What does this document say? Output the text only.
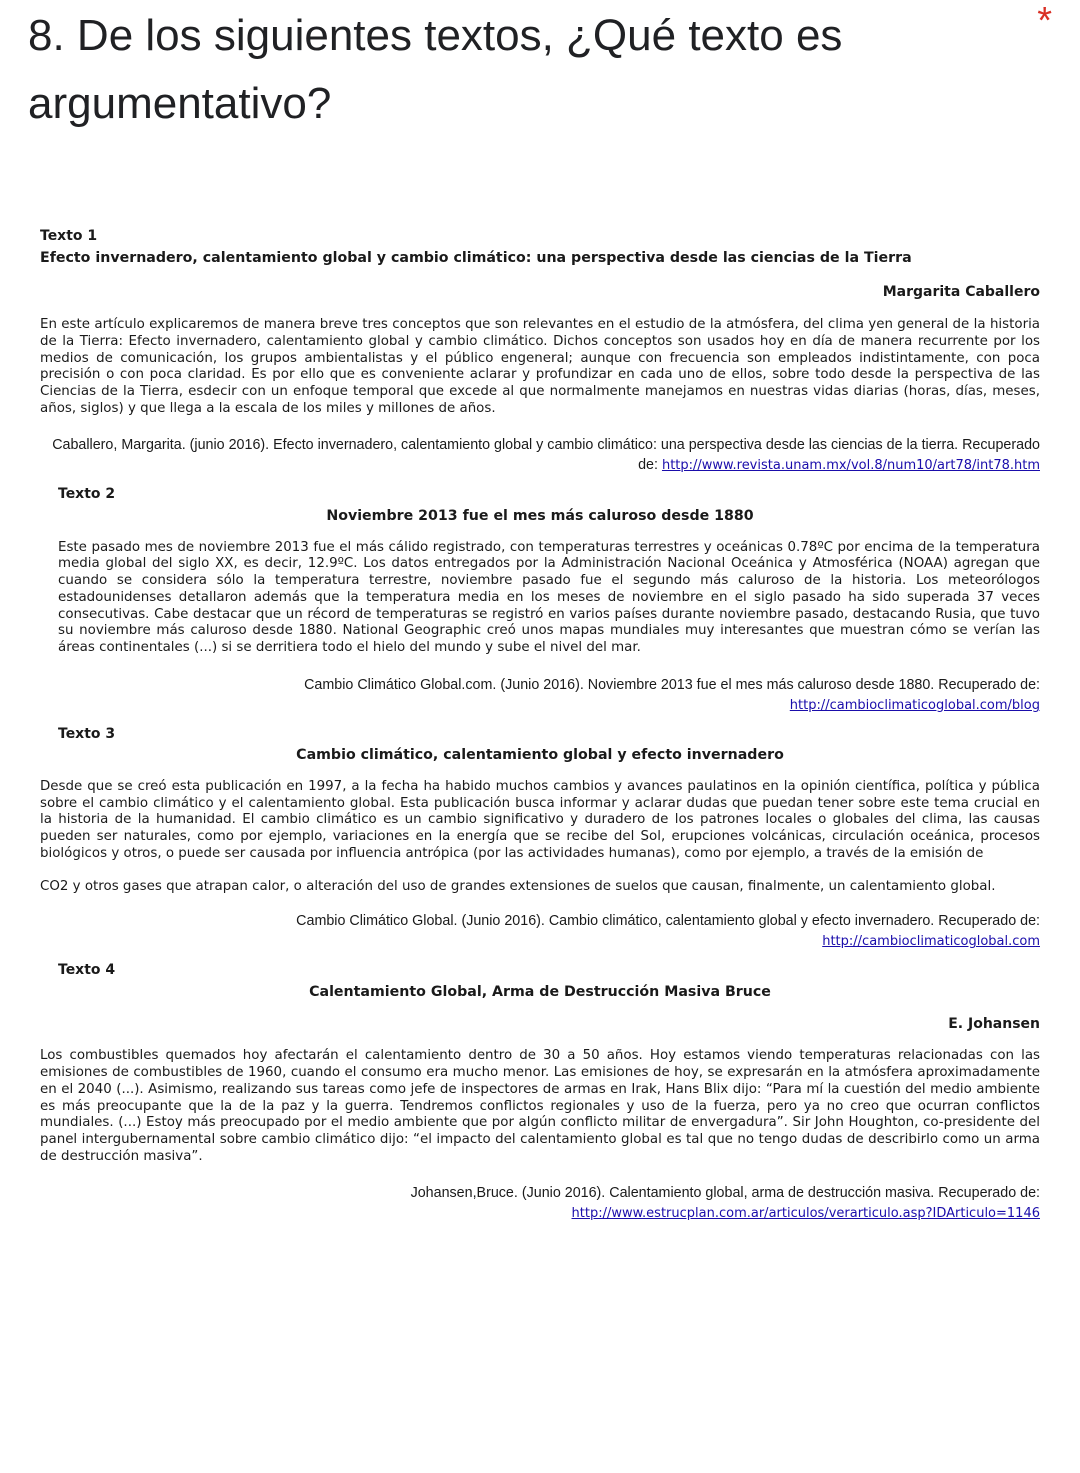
8. De los siguientes textos, ¿Qué texto es argumentativo?
*
Texto 1
Efecto invernadero, calentamiento global y cambio climático: una perspectiva desde las ciencias de la Tierra
Margarita Caballero

En este artículo explicaremos de manera breve tres conceptos que son relevantes en el estudio de la atmósfera, del clima yen general de la historia de la Tierra: Efecto invernadero, calentamiento global y cambio climático. Dichos conceptos son usados hoy en día de manera recurrente por los medios de comunicación, los grupos ambientalistas y el público engeneral; aunque con frecuencia son empleados indistintamente, con poca precisión o con poca claridad. Es por ello que es conveniente aclarar y profundizar en cada uno de ellos, sobre todo desde la perspectiva de las Ciencias de la Tierra, esdecir con un enfoque temporal que excede al que normalmente manejamos en nuestras vidas diarias (horas, días, meses, años, siglos) y que llega a la escala de los miles y millones de años.

Caballero, Margarita. (junio 2016). Efecto invernadero, calentamiento global y cambio climático: una perspectiva desde las ciencias de la tierra. Recuperado de: http://www.revista.unam.mx/vol.8/num10/art78/int78.htm
Texto 2
Noviembre 2013 fue el mes más caluroso desde 1880

Este pasado mes de noviembre 2013 fue el más cálido registrado, con temperaturas terrestres y oceánicas 0.78ºC por encima de la temperatura media global del siglo XX, es decir, 12.9ºC. Los datos entregados por la Administración Nacional Oceánica y Atmosférica (NOAA) agregan que cuando se considera sólo la temperatura terrestre, noviembre pasado fue el segundo más caluroso de la historia. Los meteorólogos estadounidenses detallaron además que la temperatura media en los meses de noviembre en el siglo pasado ha sido superada 37 veces consecutivas. Cabe destacar que un récord de temperaturas se registró en varios países durante noviembre pasado, destacando Rusia, que tuvo su noviembre más caluroso desde 1880. National Geographic creó unos mapas mundiales muy interesantes que muestran cómo se verían las áreas continentales (...) si se derritiera todo el hielo del mundo y sube el nivel del mar.

Cambio Climático Global.com. (Junio 2016). Noviembre 2013 fue el mes más caluroso desde 1880. Recuperado de:
http://cambioclimaticoglobal.com/blog
Texto 3
Cambio climático, calentamiento global y efecto invernadero

Desde que se creó esta publicación en 1997, a la fecha ha habido muchos cambios y avances paulatinos en la opinión científica, política y pública sobre el cambio climático y el calentamiento global. Esta publicación busca informar y aclarar dudas que puedan tener sobre este tema crucial en la historia de la humanidad. El cambio climático es un cambio significativo y duradero de los patrones locales o globales del clima, las causas pueden ser naturales, como por ejemplo, variaciones en la energía que se recibe del Sol, erupciones volcánicas, circulación oceánica, procesos biológicos y otros, o puede ser causada por influencia antrópica (por las actividades humanas), como por ejemplo, a través de la emisión de

CO2 y otros gases que atrapan calor, o alteración del uso de grandes extensiones de suelos que causan, finalmente, un calentamiento global.

Cambio Climático Global. (Junio 2016). Cambio climático, calentamiento global y efecto invernadero. Recuperado de:
http://cambioclimaticoglobal.com
Texto 4
Calentamiento Global, Arma de Destrucción Masiva Bruce
E. Johansen

Los combustibles quemados hoy afectarán el calentamiento dentro de 30 a 50 años. Hoy estamos viendo temperaturas relacionadas con las emisiones de combustibles de 1960, cuando el consumo era mucho menor. Las emisiones de hoy, se expresarán en la atmósfera aproximadamente en el 2040 (...). Asimismo, realizando sus tareas como jefe de inspectores de armas en Irak, Hans Blix dijo: “Para mí la cuestión del medio ambiente es más preocupante que la de la paz y la guerra. Tendremos conflictos regionales y uso de la fuerza, pero ya no creo que ocurran conflictos mundiales. (...) Estoy más preocupado por el medio ambiente que por algún conflicto militar de envergadura”. Sir John Houghton, co-presidente del panel intergubernamental sobre cambio climático dijo: “el impacto del calentamiento global es tal que no tengo dudas de describirlo como un arma de destrucción masiva”.

Johansen,Bruce. (Junio 2016). Calentamiento global, arma de destrucción masiva. Recuperado de:
http://www.estrucplan.com.ar/articulos/verarticulo.asp?IDArticulo=1146
